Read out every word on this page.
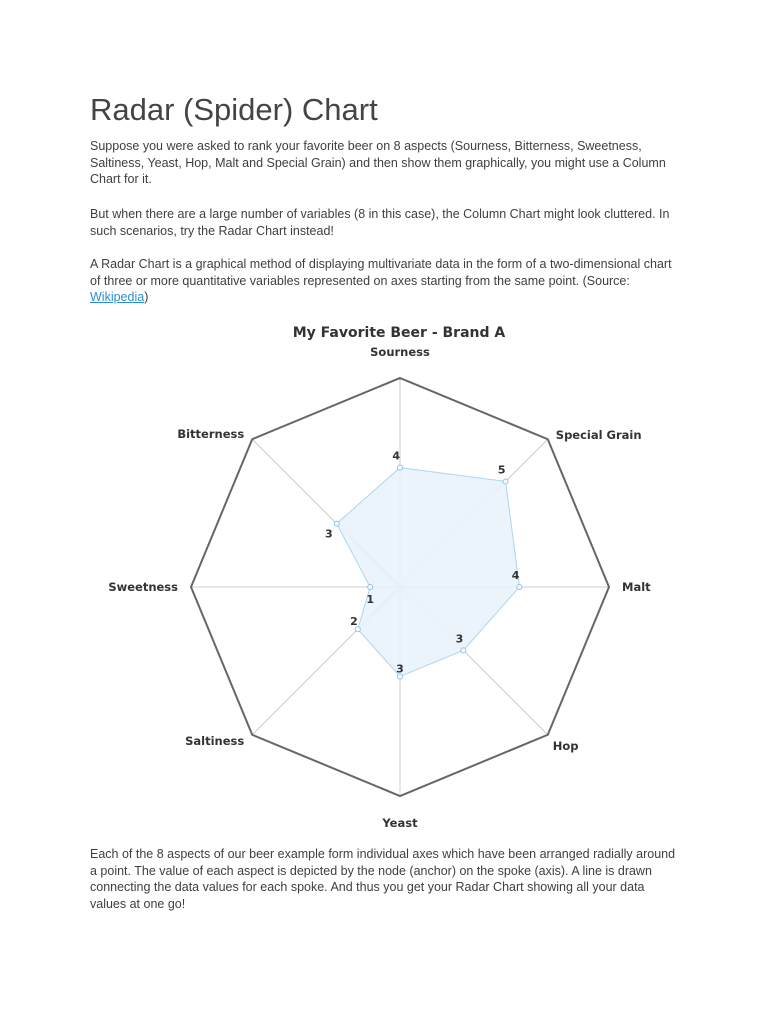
Radar (Spider) Chart

Suppose you were asked to rank your favorite beer on 8 aspects (Sourness, Bitterness, Sweetness, Saltiness, Yeast, Hop, Malt and Special Grain) and then show them graphically, you might use a Column Chart for it.

But when there are a large number of variables (8 in this case), the Column Chart might look cluttered. In such scenarios, try the Radar Chart instead!

A Radar Chart is a graphical method of displaying multivariate data in the form of a two-dimensional chart of three or more quantitative variables represented on axes starting from the same point. (Source: Wikipedia)

Each of the 8 aspects of our beer example form individual axes which have been arranged radially around a point. The value of each aspect is depicted by the node (anchor) on the spoke (axis). A line is drawn connecting the data values for each spoke. And thus you get your Radar Chart showing all your data values at one go!

My Favorite Beer - Brand A
4
5
4
3
3
2
1
3
Sourness
Special Grain
Malt
Hop
Yeast
Saltiness
Sweetness
Bitterness
